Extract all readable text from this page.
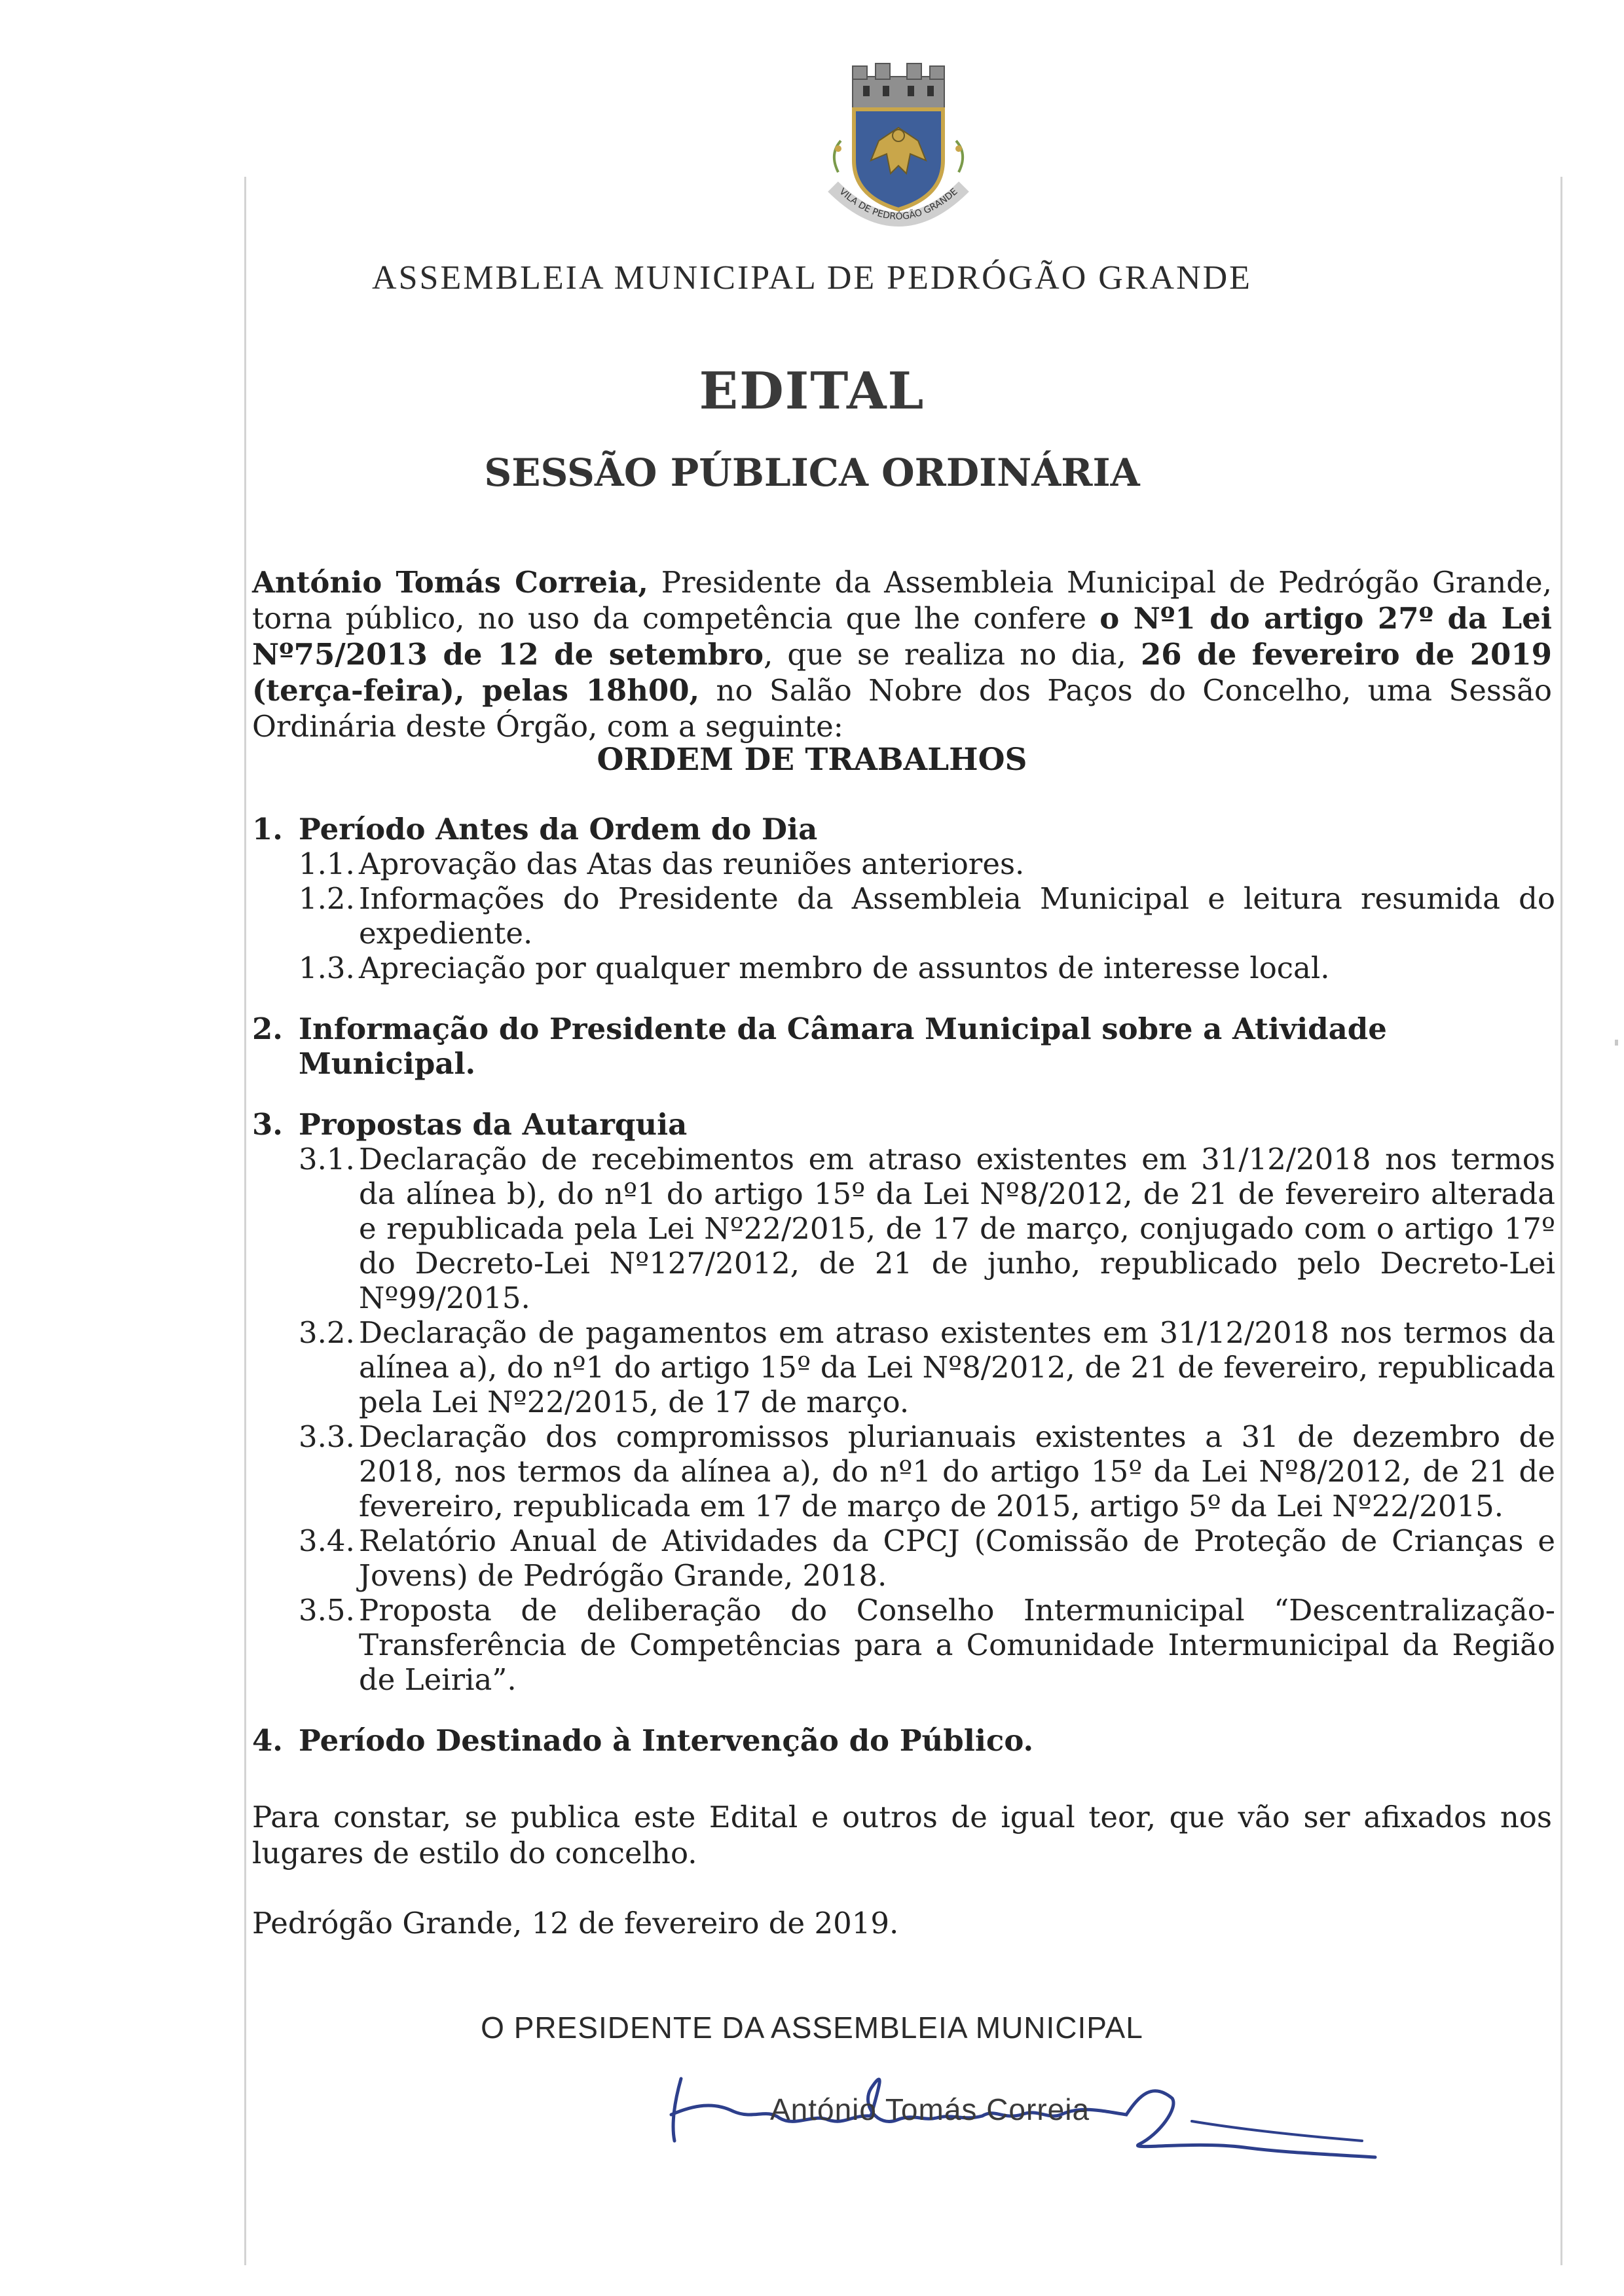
VILA DE PEDRÓGÃO GRANDE
ASSEMBLEIA MUNICIPAL DE PEDRÓGÃO GRANDE
EDITAL
SESSÃO PÚBLICA ORDINÁRIA
António Tomás Correia, Presidente da Assembleia Municipal de Pedrógão Grande, torna público, no uso da competência que lhe confere o Nº1 do artigo 27º da Lei Nº75/2013 de 12 de setembro, que se realiza no dia, 26 de fevereiro de 2019 (terça-feira), pelas 18h00, no Salão Nobre dos Paços do Concelho, uma Sessão Ordinária deste Órgão, com a seguinte:
ORDEM DE TRABALHOS
1. Período Antes da Ordem do Dia
1.1. Aprovação das Atas das reuniões anteriores.
1.2. Informações do Presidente da Assembleia Municipal e leitura resumida do expediente.
1.3. Apreciação por qualquer membro de assuntos de interesse local.
2. Informação do Presidente da Câmara Municipal sobre a Atividade Municipal.
3. Propostas da Autarquia
3.1. Declaração de recebimentos em atraso existentes em 31/12/2018 nos termos da alínea b), do nº1 do artigo 15º da Lei Nº8/2012, de 21 de fevereiro alterada e republicada pela Lei Nº22/2015, de 17 de março, conjugado com o artigo 17º do Decreto-Lei Nº127/2012, de 21 de junho, republicado pelo Decreto-Lei Nº99/2015.
3.2. Declaração de pagamentos em atraso existentes em 31/12/2018 nos termos da alínea a), do nº1 do artigo 15º da Lei Nº8/2012, de 21 de fevereiro, republicada pela Lei Nº22/2015, de 17 de março.
3.3. Declaração dos compromissos plurianuais existentes a 31 de dezembro de 2018, nos termos da alínea a), do nº1 do artigo 15º da Lei Nº8/2012, de 21 de fevereiro, republicada em 17 de março de 2015, artigo 5º da Lei Nº22/2015.
3.4. Relatório Anual de Atividades da CPCJ (Comissão de Proteção de Crianças e Jovens) de Pedrógão Grande, 2018.
3.5. Proposta de deliberação do Conselho Intermunicipal “Descentralização-Transferência de Competências para a Comunidade Intermunicipal da Região de Leiria”.
4. Período Destinado à Intervenção do Público.
Para constar, se publica este Edital e outros de igual teor, que vão ser afixados nos lugares de estilo do concelho.
Pedrógão Grande, 12 de fevereiro de 2019.
O PRESIDENTE DA ASSEMBLEIA MUNICIPAL
António Tomás Correia
